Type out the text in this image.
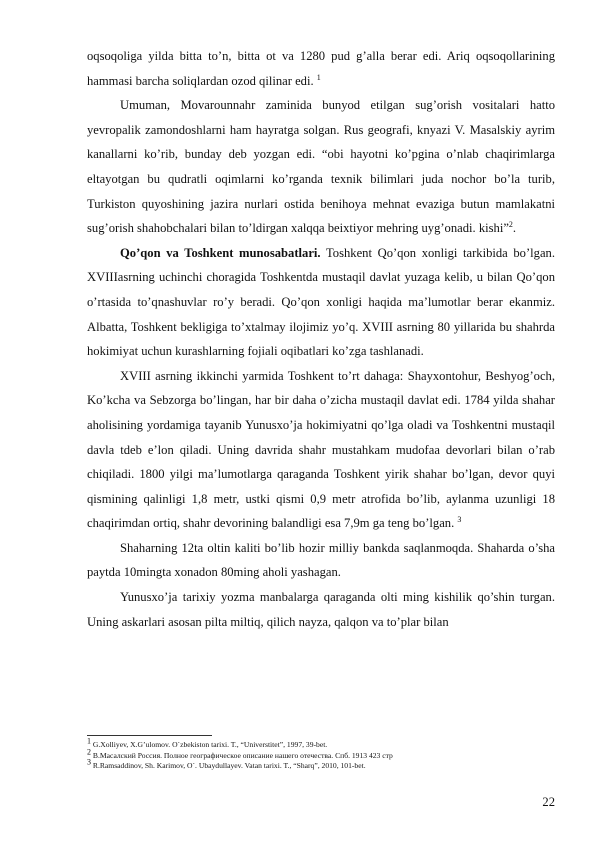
oqsoqoliga yilda bitta to’n, bitta ot va 1280 pud g’alla berar edi. Ariq oqsoqollarining hammasi barcha soliqlardan ozod qilinar edi. $^1$

Umuman, Movarounnahr zaminida bunyod etilgan sug’orish vositalari hatto yevropalik zamondoshlarni ham hayratga solgan. Rus geografi, knyazi V. Masalskiy ayrim kanallarni ko’rib, bunday deb yozgan edi. “obi hayotni ko’pgina o’nlab chaqirimlarga eltayotgan bu qudratli oqimlarni ko’rganda texnik bilimlari juda nochor bo’la turib, Turkiston quyoshining jazira nurlari ostida benihoya mehnat evaziga butun mamlakatni sug’orish shahobchalari bilan to’ldirgan xalqqa beixtiyor mehring uyg’onadi. kishi”$^2$.

Qo’qon va Toshkent munosabatlari. Toshkent Qo’qon xonligi tarkibida bo’lgan. XVIIIasrning uchinchi choragida Toshkentda mustaqil davlat yuzaga kelib, u bilan Qo’qon o’rtasida to’qnashuvlar ro’y beradi. Qo’qon xonligi haqida ma’lumotlar berar ekanmiz. Albatta, Toshkent bekligiga to’xtalmay ilojimiz yo’q. XVIII asrning 80 yillarida bu shahrda hokimiyat uchun kurashlarning fojiali oqibatlari ko’zga tashlanadi.

XVIII asrning ikkinchi yarmida Toshkent to’rt dahaga: Shayxontohur, Beshyog’och, Ko’kcha va Sebzorga bo’lingan, har bir daha o’zicha mustaqil davlat edi. 1784 yilda shahar aholisining yordamiga tayanib Yunusxo’ja hokimiyatni qo’lga oladi va Toshkentni mustaqil davla tdeb e’lon qiladi. Uning davrida shahr mustahkam mudofaa devorlari bilan o’rab chiqiladi. 1800 yilgi ma’lumotlarga qaraganda Toshkent yirik shahar bo’lgan, devor quyi qismining qalinligi 1,8 metr, ustki qismi 0,9 metr atrofida bo’lib, aylanma uzunligi 18 chaqirimdan ortiq, shahr devorining balandligi esa 7,9m ga teng bo’lgan. $^3$

Shaharning 12ta oltin kaliti bo’lib hozir milliy bankda saqlanmoqda. Shaharda o’sha paytda 10mingta xonadon 80ming aholi yashagan.

Yunusxo’ja tarixiy yozma manbalarga qaraganda olti ming kishilik qo’shin turgan. Uning askarlari asosan pilta miltiq, qilich nayza, qalqon va to’plar bilan

$^1$ G.Xolliyev, X.G’ulomov. O`zbekiston tarixi. T., “Universtitet”, 1997, 39-bet.

$^2$ В.Масалский Россия. Полное географическое описание нашего отечества. Спб. 1913 423 стр

$^3$ R.Ramsaddinov, Sh. Karimov, O`. Ubaydullayev. Vatan tarixi. T., “Sharq”, 2010, 101-bet.

22
